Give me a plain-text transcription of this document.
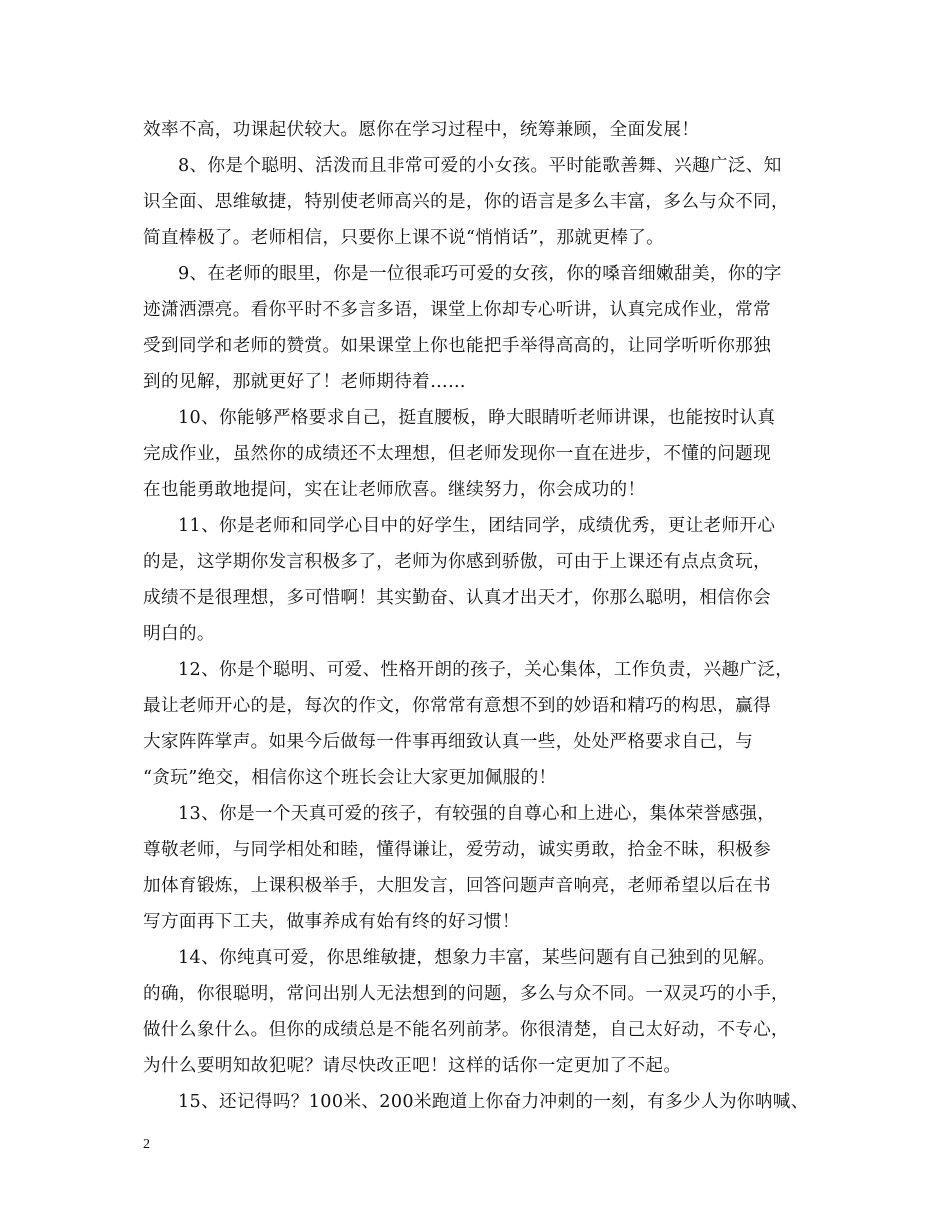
效率不高，功课起伏较大。愿你在学习过程中，统筹兼顾，全面发展！
8、你是个聪明、活泼而且非常可爱的小女孩。平时能歌善舞、兴趣广泛、知
识全面、思维敏捷，特别使老师高兴的是，你的语言是多么丰富，多么与众不同，
简直棒极了。老师相信，只要你上课不说“悄悄话”，那就更棒了。
9、在老师的眼里，你是一位很乖巧可爱的女孩，你的嗓音细嫩甜美，你的字
迹潇洒漂亮。看你平时不多言多语，课堂上你却专心听讲，认真完成作业，常常
受到同学和老师的赞赏。如果课堂上你也能把手举得高高的，让同学听听你那独
到的见解，那就更好了！老师期待着……
10、你能够严格要求自己，挺直腰板，睁大眼睛听老师讲课，也能按时认真
完成作业，虽然你的成绩还不太理想，但老师发现你一直在进步，不懂的问题现
在也能勇敢地提问，实在让老师欣喜。继续努力，你会成功的！
11、你是老师和同学心目中的好学生，团结同学，成绩优秀，更让老师开心
的是，这学期你发言积极多了，老师为你感到骄傲，可由于上课还有点点贪玩，
成绩不是很理想，多可惜啊！其实勤奋、认真才出天才，你那么聪明，相信你会
明白的。
12、你是个聪明、可爱、性格开朗的孩子，关心集体，工作负责，兴趣广泛，
最让老师开心的是，每次的作文，你常常有意想不到的妙语和精巧的构思，赢得
大家阵阵掌声。如果今后做每一件事再细致认真一些，处处严格要求自己，与
“贪玩”绝交，相信你这个班长会让大家更加佩服的！
13、你是一个天真可爱的孩子，有较强的自尊心和上进心，集体荣誉感强，
尊敬老师，与同学相处和睦，懂得谦让，爱劳动，诚实勇敢，拾金不昧，积极参
加体育锻炼，上课积极举手，大胆发言，回答问题声音响亮，老师希望以后在书
写方面再下工夫，做事养成有始有终的好习惯！
14、你纯真可爱，你思维敏捷，想象力丰富，某些问题有自己独到的见解。
的确，你很聪明，常问出别人无法想到的问题，多么与众不同。一双灵巧的小手，
做什么象什么。但你的成绩总是不能名列前茅。你很清楚，自己太好动，不专心，
为什么要明知故犯呢？请尽快改正吧！这样的话你一定更加了不起。
15、还记得吗？100米、200米跑道上你奋力冲刺的一刻，有多少人为你呐喊、
2
